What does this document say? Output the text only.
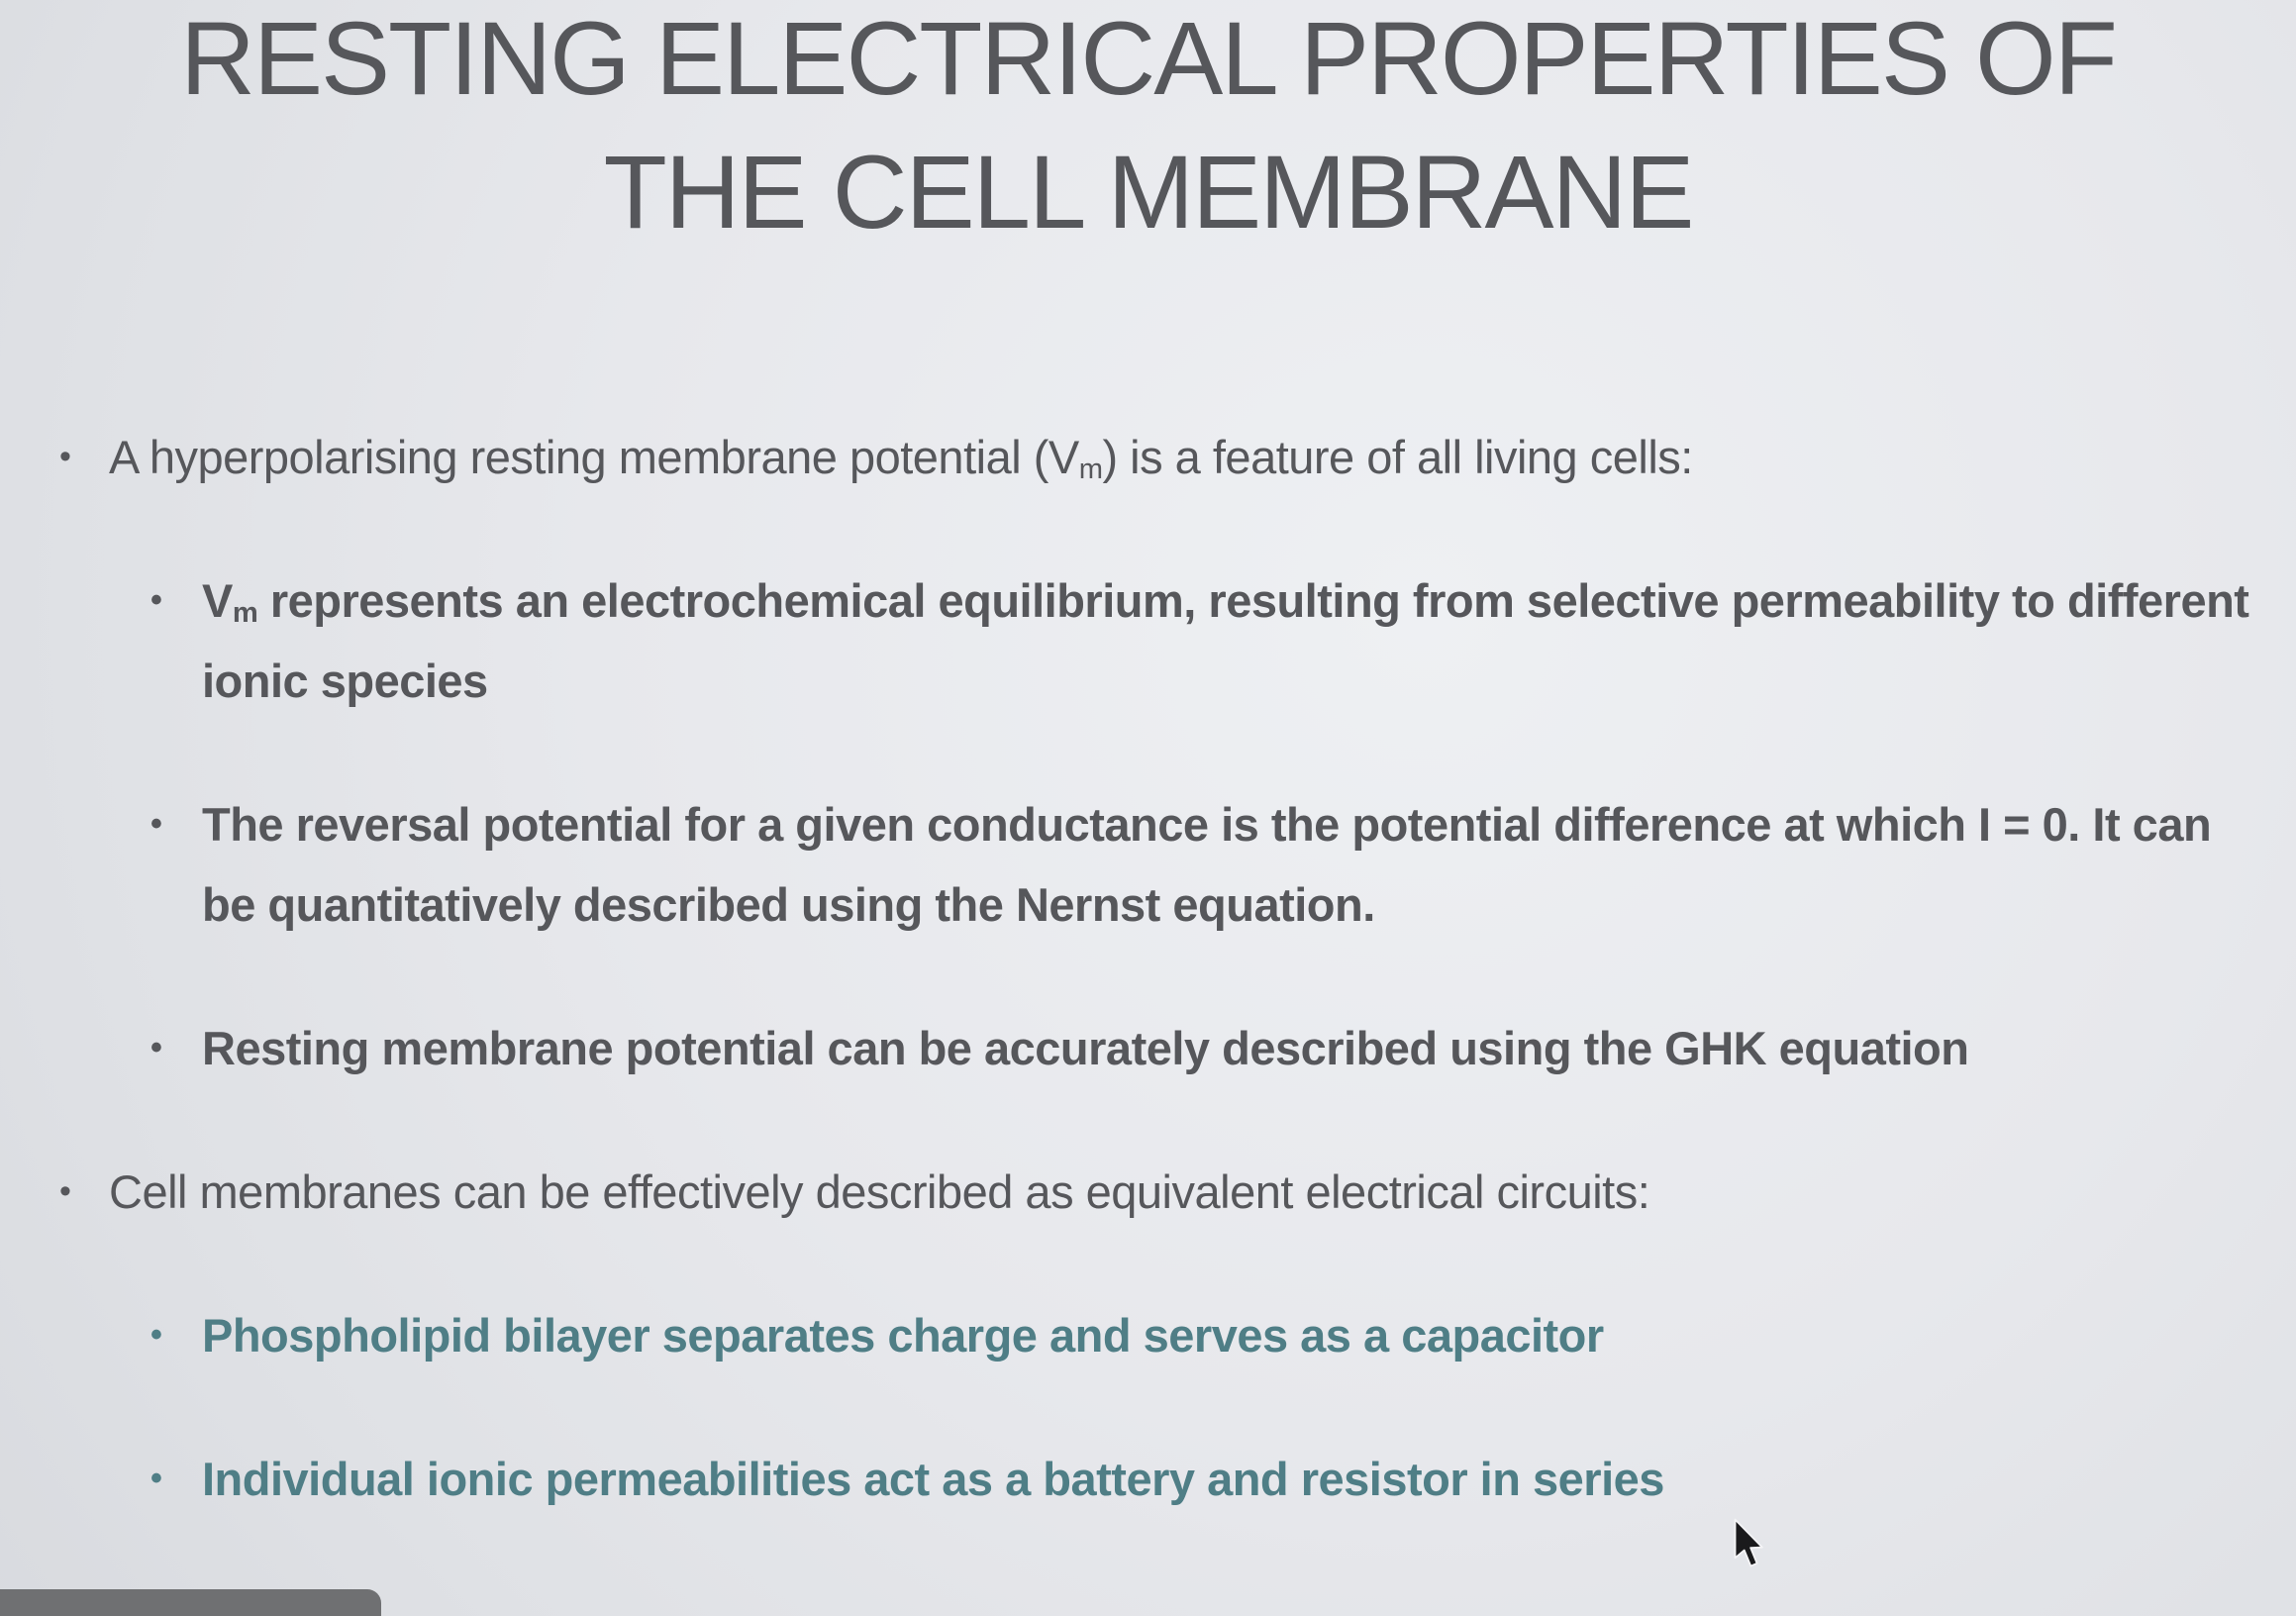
RESTING ELECTRICAL PROPERTIES OF
THE CELL MEMBRANE
• A hyperpolarising resting membrane potential $(V_m)$ is a feature of all living cells:
• $V_m$ represents an electrochemical equilibrium, resulting from selective permeability to different ionic species
• The reversal potential for a given conductance is the potential difference at which I = 0. It can be quantitatively described using the Nernst equation.
• Resting membrane potential can be accurately described using the GHK equation
• Cell membranes can be effectively described as equivalent electrical circuits:
• Phospholipid bilayer separates charge and serves as a capacitor
• Individual ionic permeabilities act as a battery and resistor in series
